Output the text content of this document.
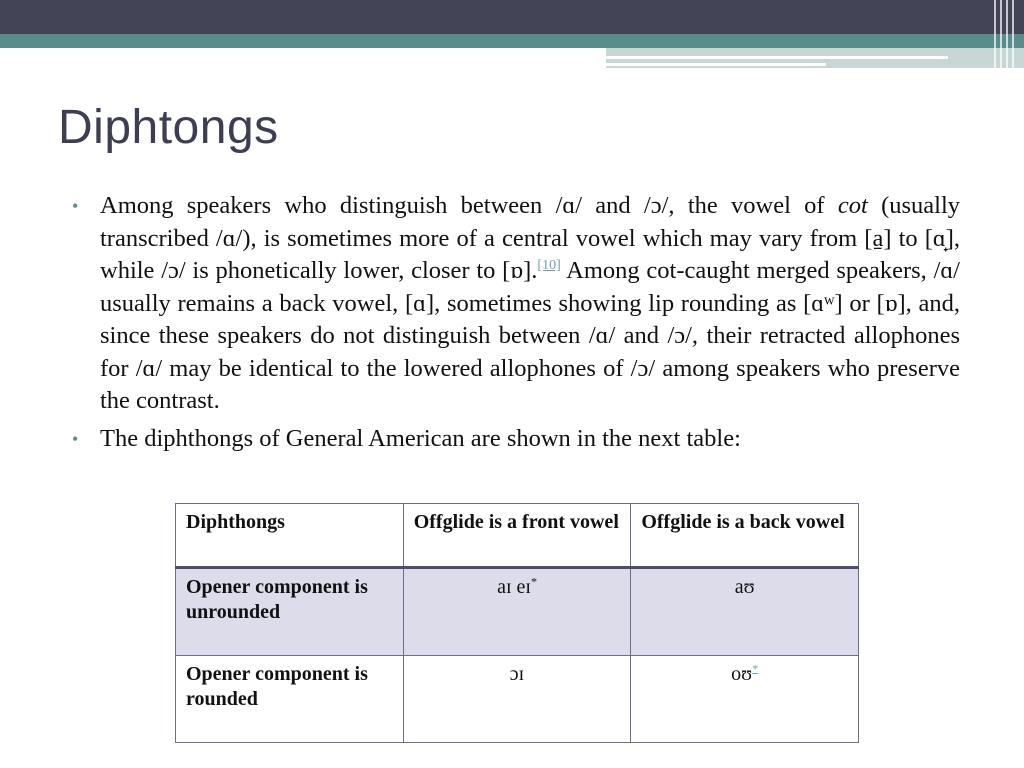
Diphtongs
• Among speakers who distinguish between /ɑ/ and /ɔ/, the vowel of cot (usually transcribed /ɑ/), is sometimes more of a central vowel which may vary from [a̠] to [ɑ̟], while /ɔ/ is phonetically lower, closer to [ɒ].[10] Among cot-caught merged speakers, /ɑ/ usually remains a back vowel, [ɑ], sometimes showing lip rounding as [ɑʷ] or [ɒ], and, since these speakers do not distinguish between /ɑ/ and /ɔ/, their retracted allophones for /ɑ/ may be identical to the lowered allophones of /ɔ/ among speakers who preserve the contrast.
• The diphthongs of General American are shown in the next table:
Diphthongs	Offglide is a front vowel	Offglide is a back vowel
Opener component is unrounded	aɪ eɪ*	aʊ
Opener component is rounded	ɔɪ	oʊ*
